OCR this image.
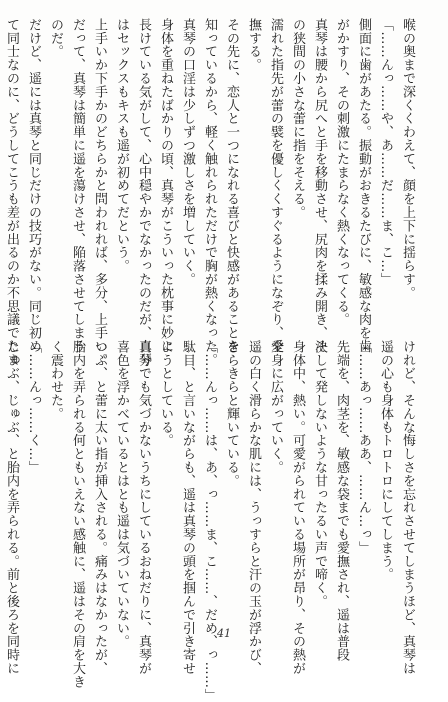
喉の奥まで深くくわえて、顔を上下に揺らす。
「……んっ……や、あ……だ……ま、こ…」
側面に歯があたる。振動がおきるたびに、敏感な肉を歯
がかすり、その刺激にたまらなく熱くなってくる。
真琴は腰から尻へと手を移動させ、尻肉を揉み開き、そ
の狭間の小さな蕾に指をそえる。
濡れた指先が蕾の襞を優しくくすぐるようになぞり、愛
撫する。
その先に、恋人と一つになれる喜びと快感があることを
知っているから、軽く触れられただけで胸が熱くなった。
真琴の口淫は少しずつ激しさを増していく。
身体を重ねたばかりの頃、真琴がこういった枕事に妙に
長けている気がして、心中穏やかでなかったのだが、真琴
はセックスもキスも遥が初めてだという。
上手いか下手かのどちらかと問われれば、多分、上手い。
だって、真琴は簡単に遥を蕩けさせ、陥落させてしまう
のだ。
だけど、遥には真琴と同じだけの技巧がない。同じ初め
て同士なのに、どうしてこうも差が出るのか不思議でたま
けれど、そんな悔しさを忘れさせてしまうほど、真琴は
遥の心も身体もトロトロにしてしまう。
「……あっ……ああ、……ん…っ」
先端を、肉茎を、敏感な袋までも愛撫され、遥は普段
決して発しないような甘ったるい声で啼く。
身体中、熱い。可愛がられている場所が昂り、その熱が
全身に広がっていく。
遥の白く滑らかな肌には、うっすらと汗の玉が浮かび、
きらきらと輝いている。
「……んっ……は、あ、っ……ま、こ……、だめ、っ……」
駄目、と言いながらも、遥は真琴の頭を掴んで引き寄せ
ようとしている。
自分でも気づかないうちにしているおねだりに、真琴が
喜色を浮かべているとはとも遥は気づいていない。
つぷ、と蕾に太い指が挿入される。痛みはなかったが、
胎内を弄られる何ともいえない感触に、遥はその肩を大き
く震わせた。
「……んっ……く…」
じゅぶ、じゅぶ、と胎内を弄られる。前と後ろを同時に	41
